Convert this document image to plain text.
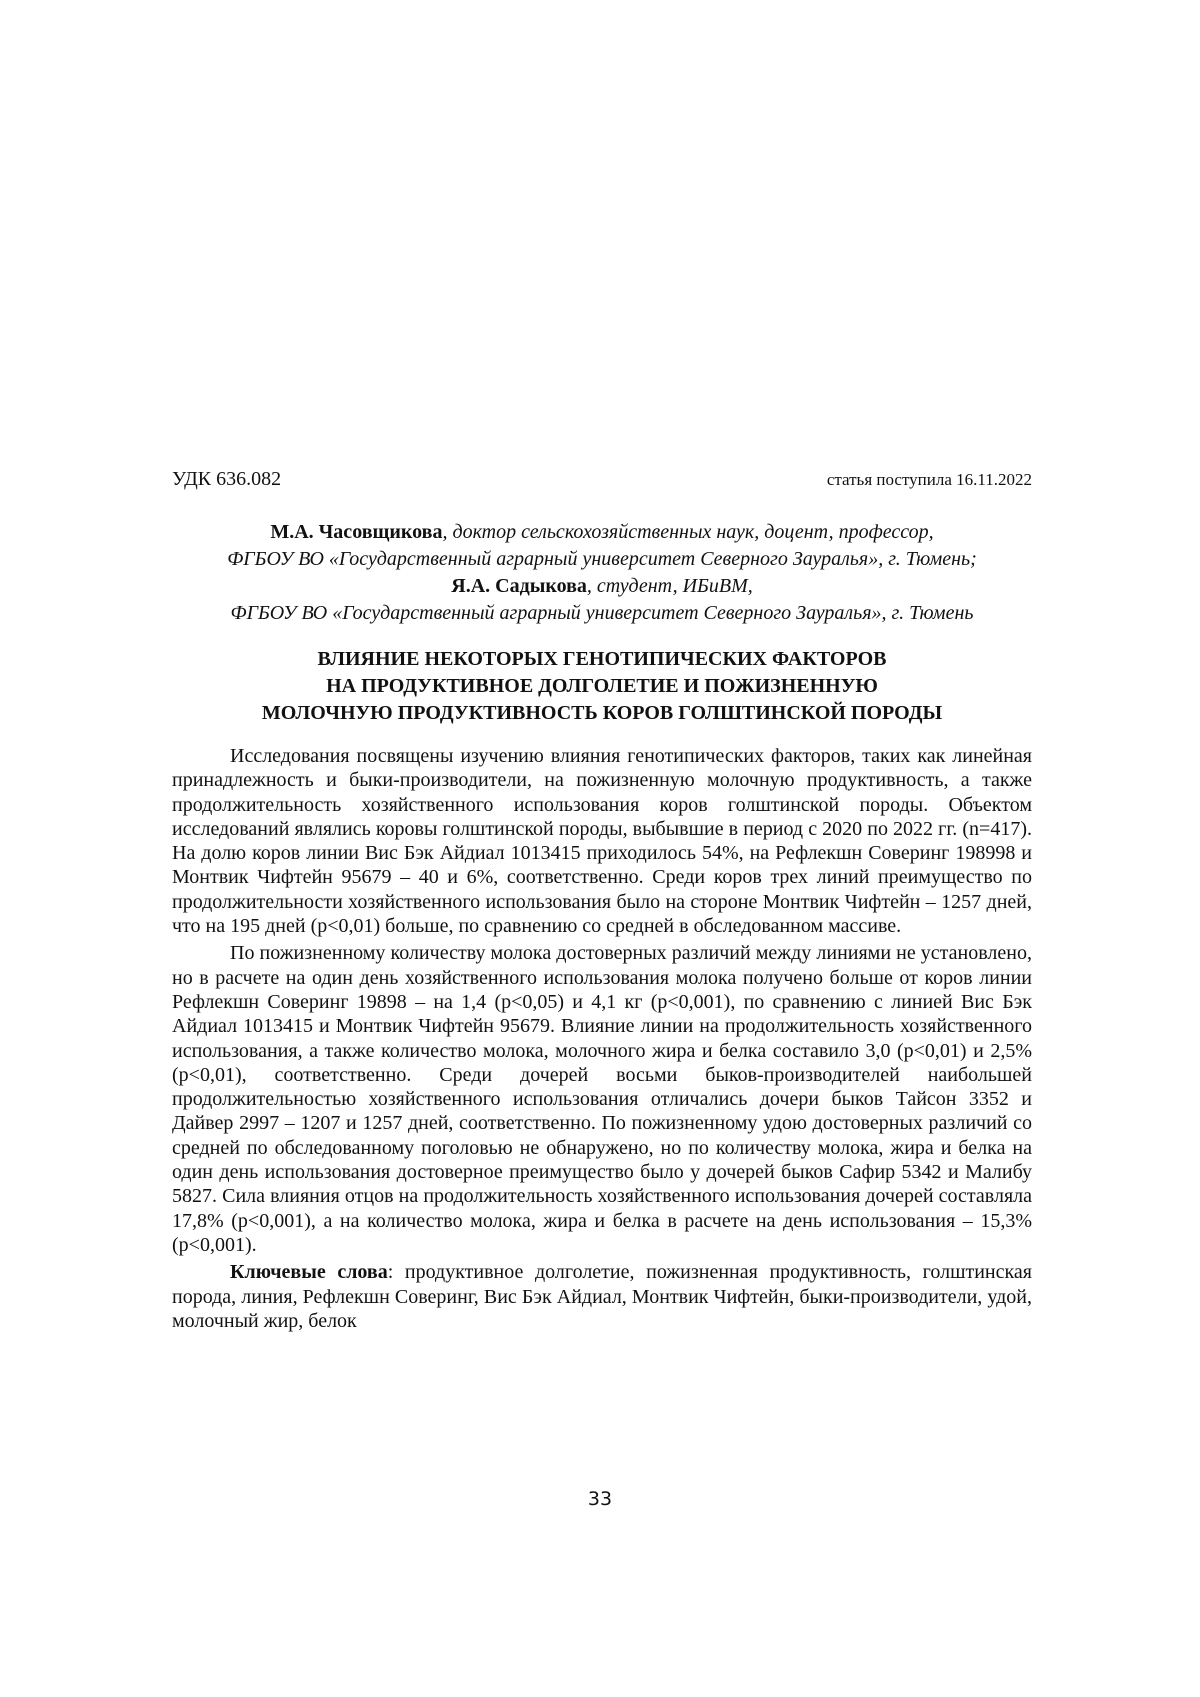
УДК 636.082	статья поступила 16.11.2022
М.А. Часовщикова, доктор сельскохозяйственных наук, доцент, профессор,
ФГБОУ ВО «Государственный аграрный университет Северного Зауралья», г. Тюмень;
Я.А. Садыкова, студент, ИБиВМ,
ФГБОУ ВО «Государственный аграрный университет Северного Зауралья», г. Тюмень
ВЛИЯНИЕ НЕКОТОРЫХ ГЕНОТИПИЧЕСКИХ ФАКТОРОВ
НА ПРОДУКТИВНОЕ ДОЛГОЛЕТИЕ И ПОЖИЗНЕННУЮ
МОЛОЧНУЮ ПРОДУКТИВНОСТЬ КОРОВ ГОЛШТИНСКОЙ ПОРОДЫ

Исследования посвящены изучению влияния генотипических факторов, таких как линейная принадлежность и быки-производители, на пожизненную молочную продуктивность, а также продолжительность хозяйственного использования коров голштинской породы. Объектом исследований являлись коровы голштинской породы, выбывшие в период с 2020 по 2022 гг. (n=417). На долю коров линии Вис Бэк Айдиал 1013415 приходилось 54%, на Рефлекшн Соверинг 198998 и Монтвик Чифтейн 95679 – 40 и 6%, соответственно. Среди коров трех линий преимущество по продолжительности хозяйственного использования было на стороне Монтвик Чифтейн – 1257 дней, что на 195 дней (р<0,01) больше, по сравнению со средней в обследованном массиве.

По пожизненному количеству молока достоверных различий между линиями не установлено, но в расчете на один день хозяйственного использования молока получено больше от коров линии Рефлекшн Соверинг 19898 – на 1,4 (р<0,05) и 4,1 кг (р<0,001), по сравнению с линией Вис Бэк Айдиал 1013415 и Монтвик Чифтейн 95679. Влияние линии на продолжительность хозяйственного использования, а также количество молока, молочного жира и белка составило 3,0 (р<0,01) и 2,5% (р<0,01), соответственно. Среди дочерей восьми быков-производителей наибольшей продолжительностью хозяйственного использования отличались дочери быков Тайсон 3352 и Дайвер 2997 – 1207 и 1257 дней, соответственно. По пожизненному удою достоверных различий со средней по обследованному поголовью не обнаружено, но по количеству молока, жира и белка на один день использования достоверное преимущество было у дочерей быков Сафир 5342 и Малибу 5827. Сила влияния отцов на продолжительность хозяйственного использования дочерей составляла 17,8% (р<0,001), а на количество молока, жира и белка в расчете на день использования – 15,3% (р<0,001).

Ключевые слова: продуктивное долголетие, пожизненная продуктивность, голштинская порода, линия, Рефлекшн Соверинг, Вис Бэк Айдиал, Монтвик Чифтейн, быки-производители, удой, молочный жир, белок

33
